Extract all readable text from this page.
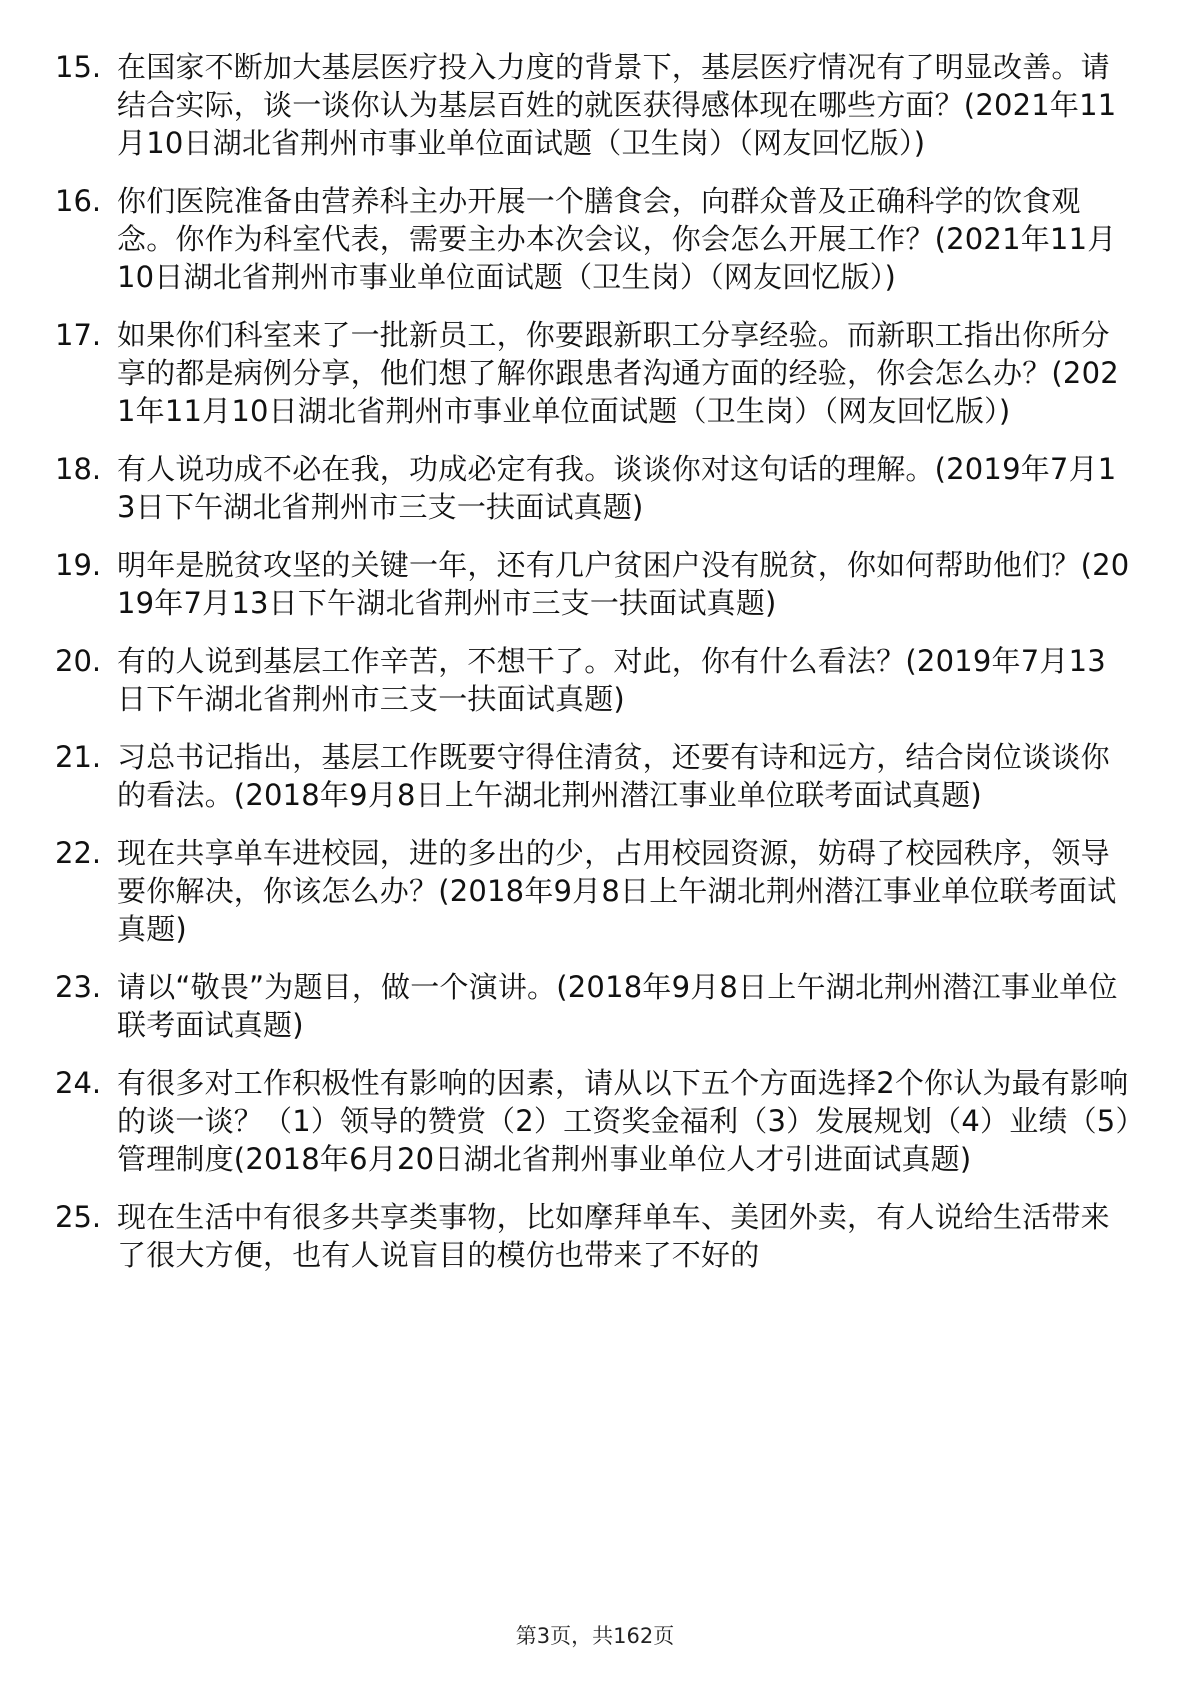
15. 在国家不断加大基层医疗投入力度的背景下，基层医疗情况有了明显改善。请结合实际，谈一谈你认为基层百姓的就医获得感体现在哪些方面？(2021年11月10日湖北省荆州市事业单位面试题（卫生岗）（网友回忆版）)
16. 你们医院准备由营养科主办开展一个膳食会，向群众普及正确科学的饮食观念。你作为科室代表，需要主办本次会议，你会怎么开展工作？(2021年11月10日湖北省荆州市事业单位面试题（卫生岗）（网友回忆版）)
17. 如果你们科室来了一批新员工，你要跟新职工分享经验。而新职工指出你所分享的都是病例分享，他们想了解你跟患者沟通方面的经验，你会怎么办？(2021年11月10日湖北省荆州市事业单位面试题（卫生岗）（网友回忆版）)
18. 有人说功成不必在我，功成必定有我。谈谈你对这句话的理解。(2019年7月13日下午湖北省荆州市三支一扶面试真题)
19. 明年是脱贫攻坚的关键一年，还有几户贫困户没有脱贫，你如何帮助他们？(2019年7月13日下午湖北省荆州市三支一扶面试真题)
20. 有的人说到基层工作辛苦，不想干了。对此，你有什么看法？(2019年7月13日下午湖北省荆州市三支一扶面试真题)
21. 习总书记指出，基层工作既要守得住清贫，还要有诗和远方，结合岗位谈谈你的看法。(2018年9月8日上午湖北荆州潜江事业单位联考面试真题)
22. 现在共享单车进校园，进的多出的少，占用校园资源，妨碍了校园秩序，领导要你解决，你该怎么办？(2018年9月8日上午湖北荆州潜江事业单位联考面试真题)
23. 请以“敬畏”为题目，做一个演讲。(2018年9月8日上午湖北荆州潜江事业单位联考面试真题)
24. 有很多对工作积极性有影响的因素，请从以下五个方面选择2个你认为最有影响的谈一谈？（1）领导的赞赏（2）工资奖金福利（3）发展规划（4）业绩（5）管理制度(2018年6月20日湖北省荆州事业单位人才引进面试真题)
25. 现在生活中有很多共享类事物，比如摩拜单车、美团外卖，有人说给生活带来了很大方便，也有人说盲目的模仿也带来了不好的
第3页，共162页
